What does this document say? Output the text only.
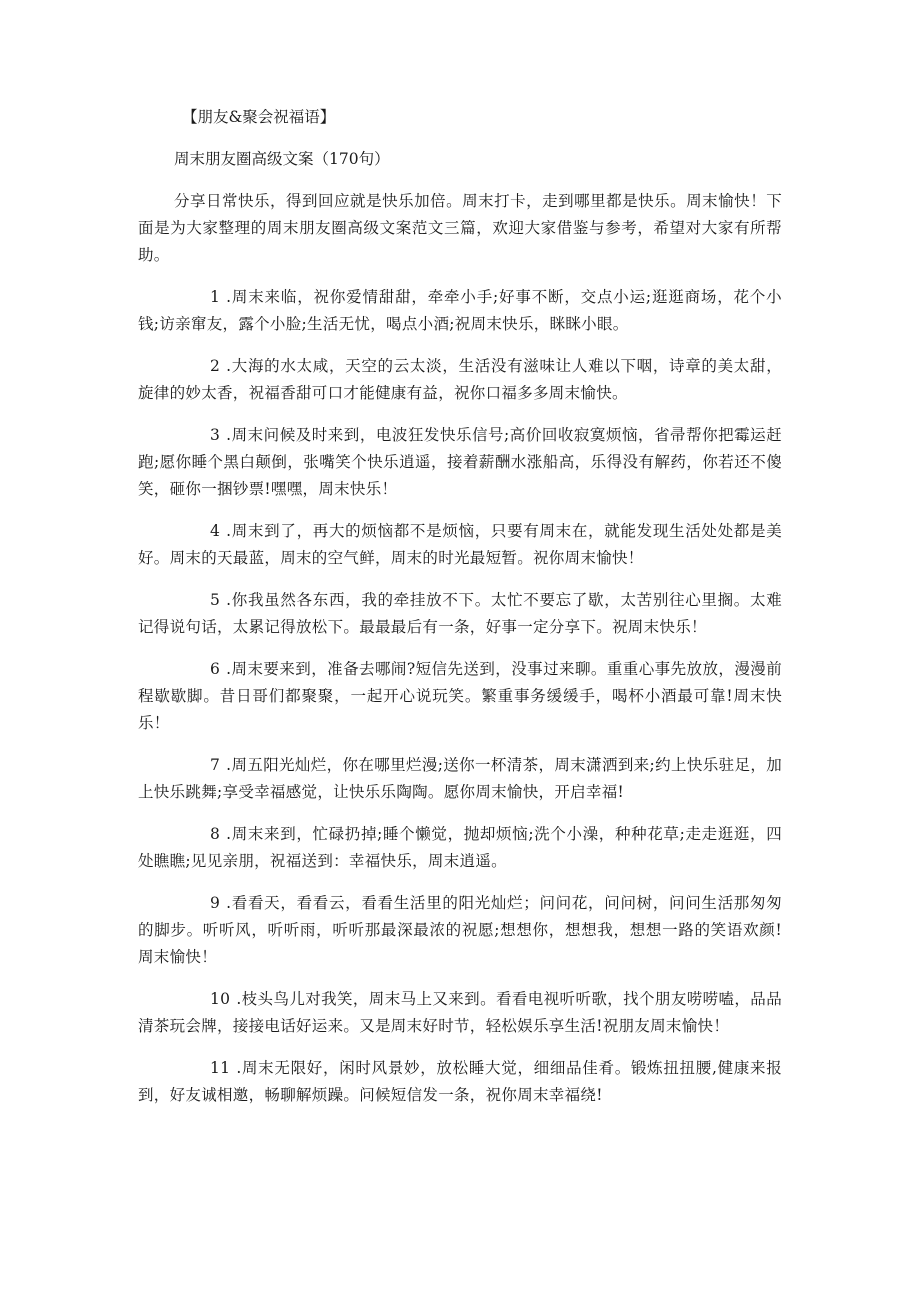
【朋友&聚会祝福语】

周末朋友圈高级文案（170句）

分享日常快乐，得到回应就是快乐加倍。周末打卡，走到哪里都是快乐。周末愉快！下面是为大家整理的周末朋友圈高级文案范文三篇，欢迎大家借鉴与参考，希望对大家有所帮助。

1 .周末来临，祝你爱情甜甜，牵牵小手;好事不断，交点小运;逛逛商场，花个小钱;访亲窜友，露个小脸;生活无忧，喝点小酒;祝周末快乐，眯眯小眼。

2 .大海的水太咸，天空的云太淡，生活没有滋味让人难以下咽，诗章的美太甜，旋律的妙太香，祝福香甜可口才能健康有益，祝你口福多多周末愉快。

3 .周末问候及时来到，电波狂发快乐信号;高价回收寂寞烦恼，省帚帮你把霉运赶跑;愿你睡个黑白颠倒，张嘴笑个快乐逍遥，接着薪酬水涨船高，乐得没有解药，你若还不傻笑，砸你一捆钞票!嘿嘿，周末快乐！

4 .周末到了，再大的烦恼都不是烦恼，只要有周末在，就能发现生活处处都是美好。周末的天最蓝，周末的空气鲜，周末的时光最短暂。祝你周末愉快！

5 .你我虽然各东西，我的牵挂放不下。太忙不要忘了歇，太苦别往心里搁。太难记得说句话，太累记得放松下。最最最后有一条，好事一定分享下。祝周末快乐！

6 .周末要来到，准备去哪闹?短信先送到，没事过来聊。重重心事先放放，漫漫前程歇歇脚。昔日哥们都聚聚，一起开心说玩笑。繁重事务缓缓手，喝杯小酒最可靠!周末快乐！

7 .周五阳光灿烂，你在哪里烂漫;送你一杯清茶，周末潇洒到来;约上快乐驻足，加上快乐跳舞;享受幸福感觉，让快乐乐陶陶。愿你周末愉快，开启幸福!

8 .周末来到，忙碌扔掉;睡个懒觉，抛却烦恼;洗个小澡，种种花草;走走逛逛，四处瞧瞧;见见亲朋，祝福送到：幸福快乐，周末逍遥。

9 .看看天，看看云，看看生活里的阳光灿烂；问问花，问问树，问问生活那匆匆的脚步。听听风，听听雨，听听那最深最浓的祝愿;想想你，想想我，想想一路的笑语欢颜!周末愉快！

10 .枝头鸟儿对我笑，周末马上又来到。看看电视听听歌，找个朋友唠唠嗑，品品清茶玩会牌，接接电话好运来。又是周末好时节，轻松娱乐享生活!祝朋友周末愉快！

11 .周末无限好，闲时风景妙，放松睡大觉，细细品佳肴。锻炼扭扭腰,健康来报到，好友诚相邀，畅聊解烦躁。问候短信发一条，祝你周末幸福绕!
